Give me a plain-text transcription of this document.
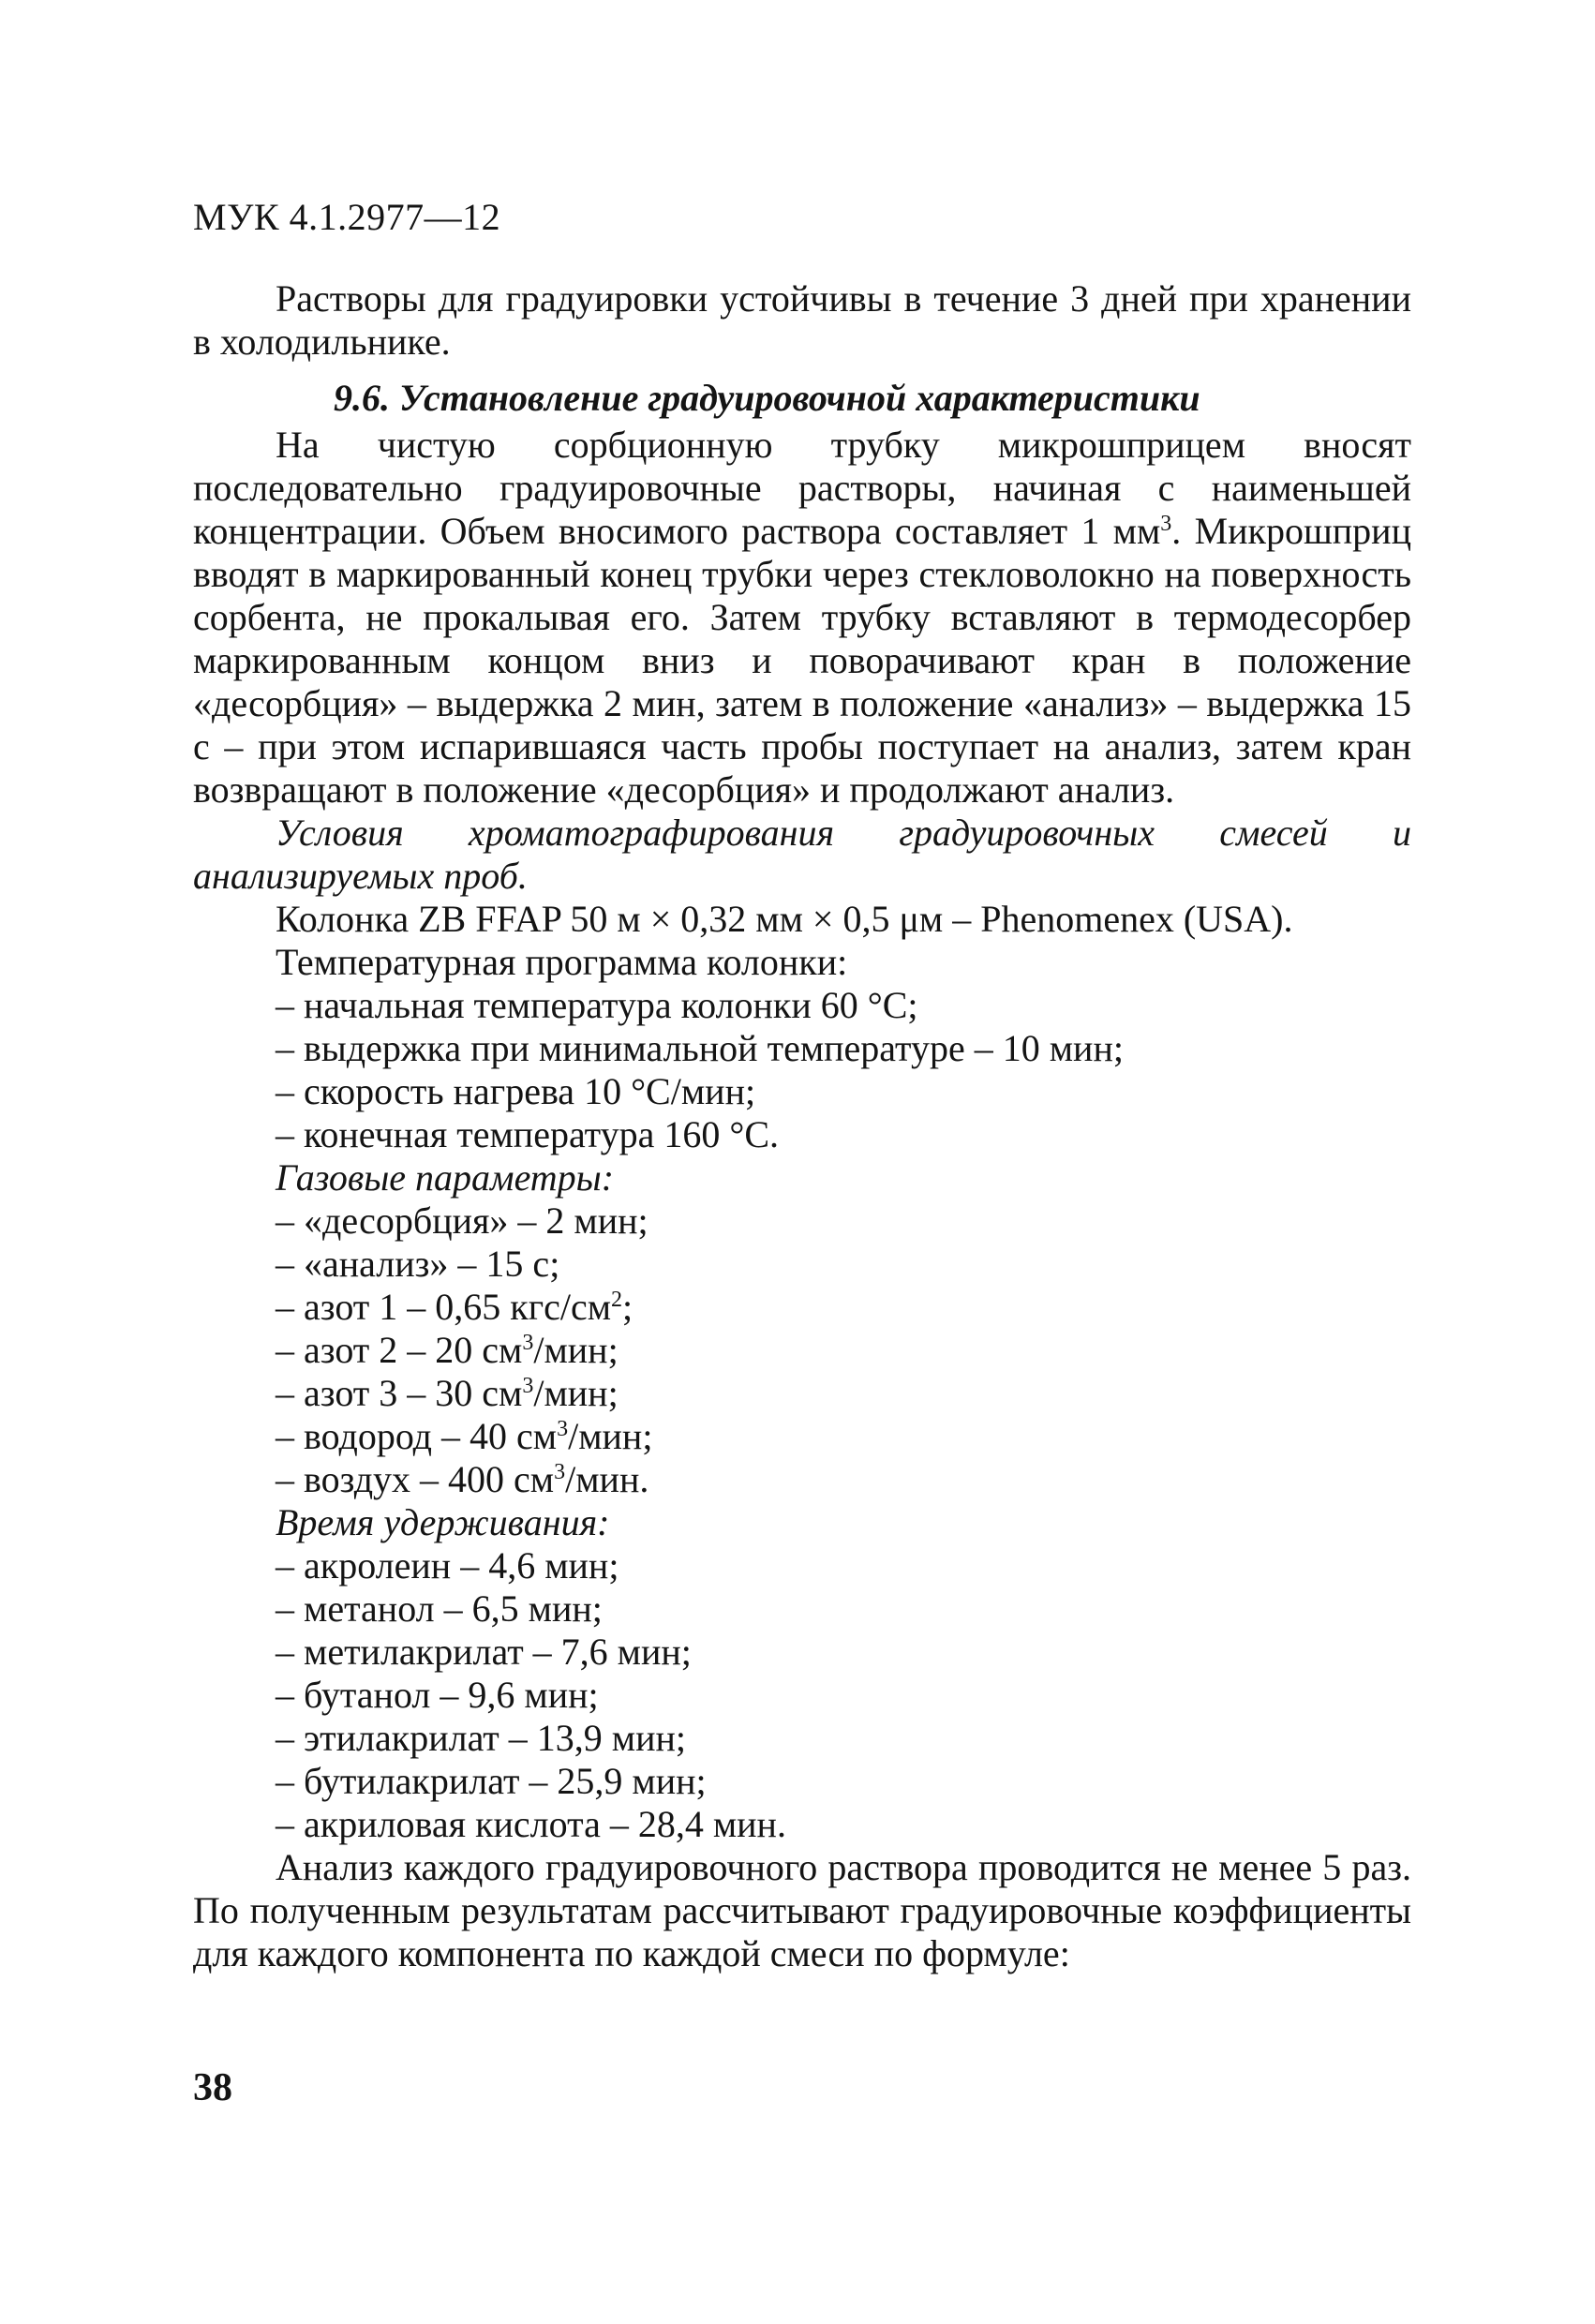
МУК 4.1.2977—12

Растворы для градуировки устойчивы в течение 3 дней при хранении в холодильнике.

9.6. Установление градуировочной характеристики

На чистую сорбционную трубку микрошприцем вносят последовательно градуировочные растворы, начиная с наименьшей концентрации. Объем вносимого раствора составляет 1 $мм^3$. Микрошприц вводят в маркированный конец трубки через стекловолокно на поверхность сорбента, не прокалывая его. Затем трубку вставляют в термодесорбер маркированным концом вниз и поворачивают кран в положение «десорбция» – выдержка 2 мин, затем в положение «анализ» – выдержка 15 с – при этом испарившаяся часть пробы поступает на анализ, затем кран возвращают в положение «десорбция» и продолжают анализ.

Условия хроматографирования градуировочных смесей и анализируемых проб.

Колонка ZB FFAP 50 м × 0,32 мм × 0,5 μм – Phenomenex (USA).

Температурная программа колонки:

– начальная температура колонки 60 °С;
– выдержка при минимальной температуре – 10 мин;
– скорость нагрева 10 °С/мин;
– конечная температура 160 °С.

Газовые параметры:

– «десорбция» – 2 мин;
– «анализ» – 15 с;
– азот 1 – 0,65 кгс/$см^2$;
– азот 2 – 20 $см^3$/мин;
– азот 3 – 30 $см^3$/мин;
– водород – 40 $см^3$/мин;
– воздух – 400 $см^3$/мин.

Время удерживания:

– акролеин – 4,6 мин;
– метанол – 6,5 мин;
– метилакрилат – 7,6 мин;
– бутанол – 9,6 мин;
– этилакрилат – 13,9 мин;
– бутилакрилат – 25,9 мин;
– акриловая кислота – 28,4 мин.

Анализ каждого градуировочного раствора проводится не менее 5 раз. По полученным результатам рассчитывают градуировочные коэффициенты для каждого компонента по каждой смеси по формуле:

38
